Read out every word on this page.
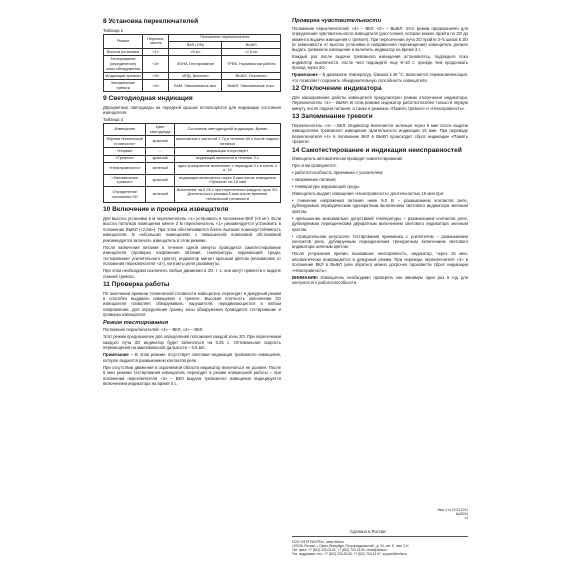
8 Установка переключателей
Таблица 2
Режим	Переклю-чатель	Положение переключателя	
		ВКЛ.(ON)	ВЫКЛ
Высота установки	«1»	<5 м»	<2,5 м»
Тестирование (определение) зоны обнаружения	«2»	ЗОНА Тестирование	ТРЕВ. Нормальная работа
Индикация тревоги	«3»	ИНД. Включен	ВЫКЛ. Отключен
Запоминание тревоги	«4»	ПАМ. Запоминание вкл.	ВЫКЛ. Запоминание откл.
9 Светодиодная индикация

Двухцветные светодиоды на передней крышке используются для индикации состояния извещателя.

Таблица 3
Извещение	Цвет светодиода	Состояние светодиодной индикации. Время
«Время технической готовности»	красный	включается с частотой 1 Гц в течение 60 с после подачи питания
«Норма»	–	индикация отсутствует
«Тревога»	красный	индикация включена в течение 3 с
«Неисправность»	зеленый	одно-трехкратное включение с периодом 3 с в соотв. с п. 14
«Запоминание тревоги»	красный	индикация включается через 5 мин после извещения «Тревога» на 15 мин
Определение положения ЗО	зеленый	Включение на 0,25 с при пересечении каждого луча ЗО. Длительность режима 5 мин после времени технической готовности
10 Включение и проверка извещателя

Для высоты установки 5 м переключатель «1» установить в положение ВКЛ («5 м»). Если высота потолков помещения менее 3 м переключатель «1» рекомендуется установить в положение ВЫКЛ («2,5м»). При этом обеспечивается более высокая помехоустойчивость извещателя. В небольших помещениях с повышенной помеховой обстановкой рекомендуется включать извещатель в этом режиме.

После включения питания в течение одной минуты проводится самотестирование извещателя (проверка напряжения питания, температуры окружающей среды, тестирование усилительного тракта), индикатор мигает красным цветом (независимо от положения переключателя «3»), контакты реле разомкнуты.

При этом необходимо исключить любые движения в ЗО, т. к. они могут привести к выдаче ложной тревоги.

11 Проверка работы

По окончании времени технической готовности извещатель переходит в дежурный режим и способен выдавать извещения о тревоге. Высокая плотность заполнения ЗО извещателя позволяет обнаруживать нарушителя, передвигающегося в любом направлении. Для определения границ зоны обнаружения проводится тестирование и проверка извещателя.

Режим тестирования

Положение переключателей: «3» – ВКЛ, «2» – ВКЛ.

Этот режим предназначен для определения положения каждой зоны ЗО. При пересечении каждого луча ЗО индикатор будет включаться на 0,25 с. Оптимальная скорость перемещения на максимальной дальности – 0,5 м/с.

Примечание – В этом режиме отсутствует световая индикация тревожного извещения, которое выдается размыканием контактов реле.

При отсутствии движения в охраняемой области индикатор включаться не должен. После 5 мин режима тестирования извещатель переходит в режим нормальной работы – при положении переключателя «3» – ВКЛ выдача тревожного извещения индицируется включением индикатора на время 3 с.

Проверка чувствительности

Положение переключателей: «3» – ВКЛ, «2» – ВЫКЛ. Этот режим предназначен для определения чувствительности извещателя (расстояния, которое можно пройти по ЗО до момента выдачи извещения о тревоге). При пересечении луча ЗО пройти 2–5 шагов в ЗО (в зависимости от высоты установки и направления перемещения) извещатель должен выдать тревожное извещение и включить индикатор на время 3 с.

Каждый раз после выдачи тревожного извещения остановитесь, подождите пока индикатор выключится, после чего подождите еще 8–10 с, прежде чем продолжать проход через ЗО.

Примечание – В диапазоне температур, близких к 36 °С, включается термокомпенсация, что позволяет сохранить обнаружительную способность извещателя.
12 Отключение индикатора

Для маскирования работы извещателя предусмотрен режим отключения индикатора. Переключатель «3» – ВЫКЛ. В этом режиме индикатор работоспособен только в первую минуту после подачи питания, а также в режимах «Память тревоги» и «Неисправность».

13 Запоминание тревоги

Переключатель «4» – ВКЛ. Индикатор включается зеленым через 5 мин после выдачи извещателем тревожного извещения. Длительность индикации 15 мин. При переводе переключателя «4» в положение ВКЛ в ВЫКЛ происходит сброс индикации «Память тревоги».

14 Самотестирование и индикация неисправностей

Извещатель автоматически проводит самотестирование.

При этом проверяется:

• работоспособность приемника с усилителем;

• напряжение питания;

• температура окружающей среды.

Извещатель выдает извещение «Неисправность» длительностью 15 мин при:

• снижении напряжения питания ниже 9,0 В – размыканием контактов реле, дублируемым периодическим однократным включением светового индикатора зеленым цветом;

• превышении максимально допустимой температуры – размыканием контактов реле, дублируемым периодическим двукратным включением светового индикатора зеленым цветом;

• отрицательном результате тестирования приемника с усилителем – размыканием контактов реле, дублируемым периодическим трехкратным включением светового индикатора зеленым цветом;

После устранения причин, вызвавших неисправность, индикатор, через 15 мин, автоматически возвращается в дежурный режим. При переводе переключателя «4» в положение ВКЛ в ВЫКЛ (или обратно) можно досрочно произвести сброс индикации «Неисправность».

ВНИМАНИЕ! Извещатель необходимо проверять как минимум один раз в год для контроля его работоспособности.
Изм. 4 от 22.03.2021
№00024
v3
Сделано в России
ООО «НПП РИЭЛТА», www.rielta.ru
197046, Россия, г. Санкт-Петербург, Петроградская наб., д. 34, лит. Б, пом. 1-Н
Тел. факс: +7 (812) 233-03-02, +7 (812) 703-13-60, rielta@rielta.ru
Тех. поддержка: тел.: +7 (812) 233-29-53, +7 (812) 703-13-57, support@rielta.ru
